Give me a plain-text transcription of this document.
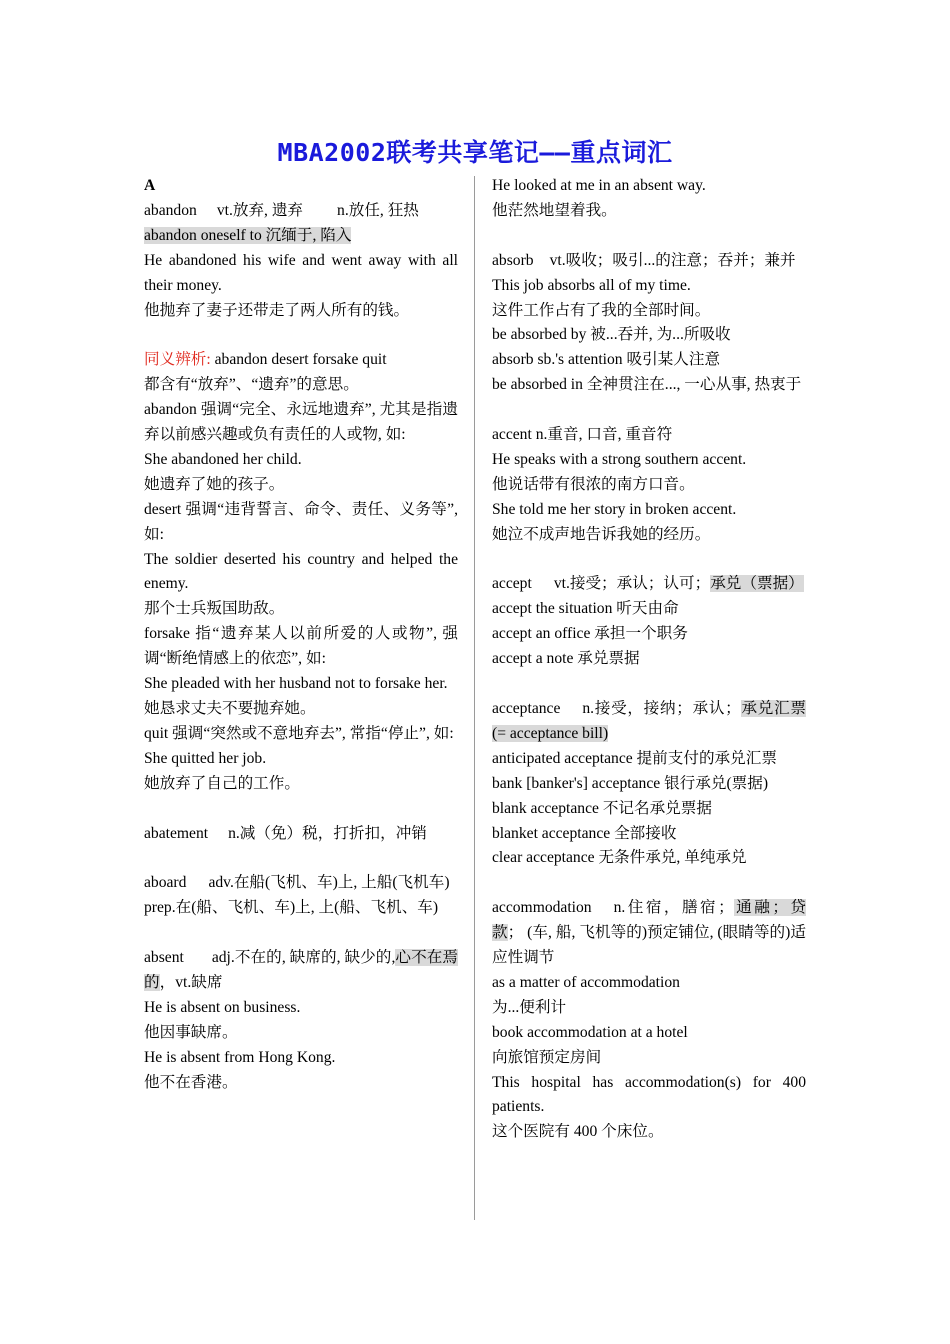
MBA2002联考共享笔记——重点词汇

A

abandon vt.放弃, 遗弃 n.放任, 狂热

abandon oneself to 沉缅于, 陷入

He abandoned his wife and went away with all their money.

他抛弃了妻子还带走了两人所有的钱。

同义辨析: abandon desert forsake quit

都含有“放弃”、“遗弃”的意思。

abandon 强调“完全、永远地遗弃”, 尤其是指遗弃以前感兴趣或负有责任的人或物, 如:

She abandoned her child.

她遗弃了她的孩子。

desert 强调“违背誓言、命令、责任、义务等”, 如:

The soldier deserted his country and helped the enemy.

那个士兵叛国助敌。

forsake 指“遗弃某人以前所爱的人或物”, 强调“断绝情感上的依恋”, 如:

She pleaded with her husband not to forsake her.

她恳求丈夫不要抛弃她。

quit 强调“突然或不意地弃去”, 常指“停止”, 如:

She quitted her job.

她放弃了自己的工作。

abatement n.减（免）税，打折扣，冲销

aboard adv.在船(飞机、车)上, 上船(飞机车)

prep.在(船、飞机、车)上, 上(船、飞机、车)

absent adj.不在的, 缺席的, 缺少的,心不在焉的，vt.缺席

He is absent on business.

他因事缺席。

He is absent from Hong Kong.

他不在香港。

He looked at me in an absent way.

他茫然地望着我。

absorb vt.吸收；吸引...的注意；吞并；兼并

This job absorbs all of my time.

这件工作占有了我的全部时间。

be absorbed by 被...吞并, 为...所吸收

absorb sb.'s attention 吸引某人注意

be absorbed in 全神贯注在..., 一心从事, 热衷于

accent n.重音, 口音, 重音符

He speaks with a strong southern accent.

他说话带有很浓的南方口音。

She told me her story in broken accent.

她泣不成声地告诉我她的经历。

accept vt.接受；承认；认可；承兑（票据）

accept the situation 听天由命

accept an office 承担一个职务

accept a note 承兑票据

acceptance n.接受，接纳；承认；承兑汇票 (= acceptance bill)

anticipated acceptance 提前支付的承兑汇票

bank [banker's] acceptance 银行承兑(票据)

blank acceptance 不记名承兑票据

blanket acceptance 全部接收

clear acceptance 无条件承兑, 单纯承兑

accommodation n.住宿，膳宿；通融；贷款； (车, 船, 飞机等的)预定铺位, (眼睛等的)适应性调节

as a matter of accommodation

为...便利计

book accommodation at a hotel

向旅馆预定房间

This hospital has accommodation(s) for 400 patients.

这个医院有 400 个床位。
